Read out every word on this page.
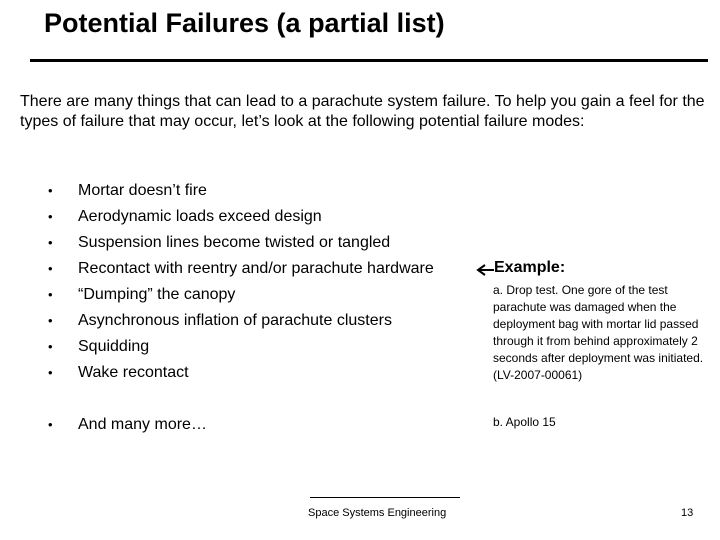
Potential Failures (a partial list)
There are many things that can lead to a parachute system failure. To help you gain a feel for the types of failure that may occur, let’s look at the following potential failure modes:
• Mortar doesn’t fire
• Aerodynamic loads exceed design
• Suspension lines become twisted or tangled
• Recontact with reentry and/or parachute hardware
• “Dumping” the canopy
• Asynchronous inflation of parachute clusters
• Squidding
• Wake recontact
• And many more…
Example:
a. Drop test. One gore of the test parachute was damaged when the deployment bag with mortar lid passed through it from behind approximately 2 seconds after deployment was initiated. (LV-2007-00061)
b. Apollo 15
Space Systems Engineering	13
